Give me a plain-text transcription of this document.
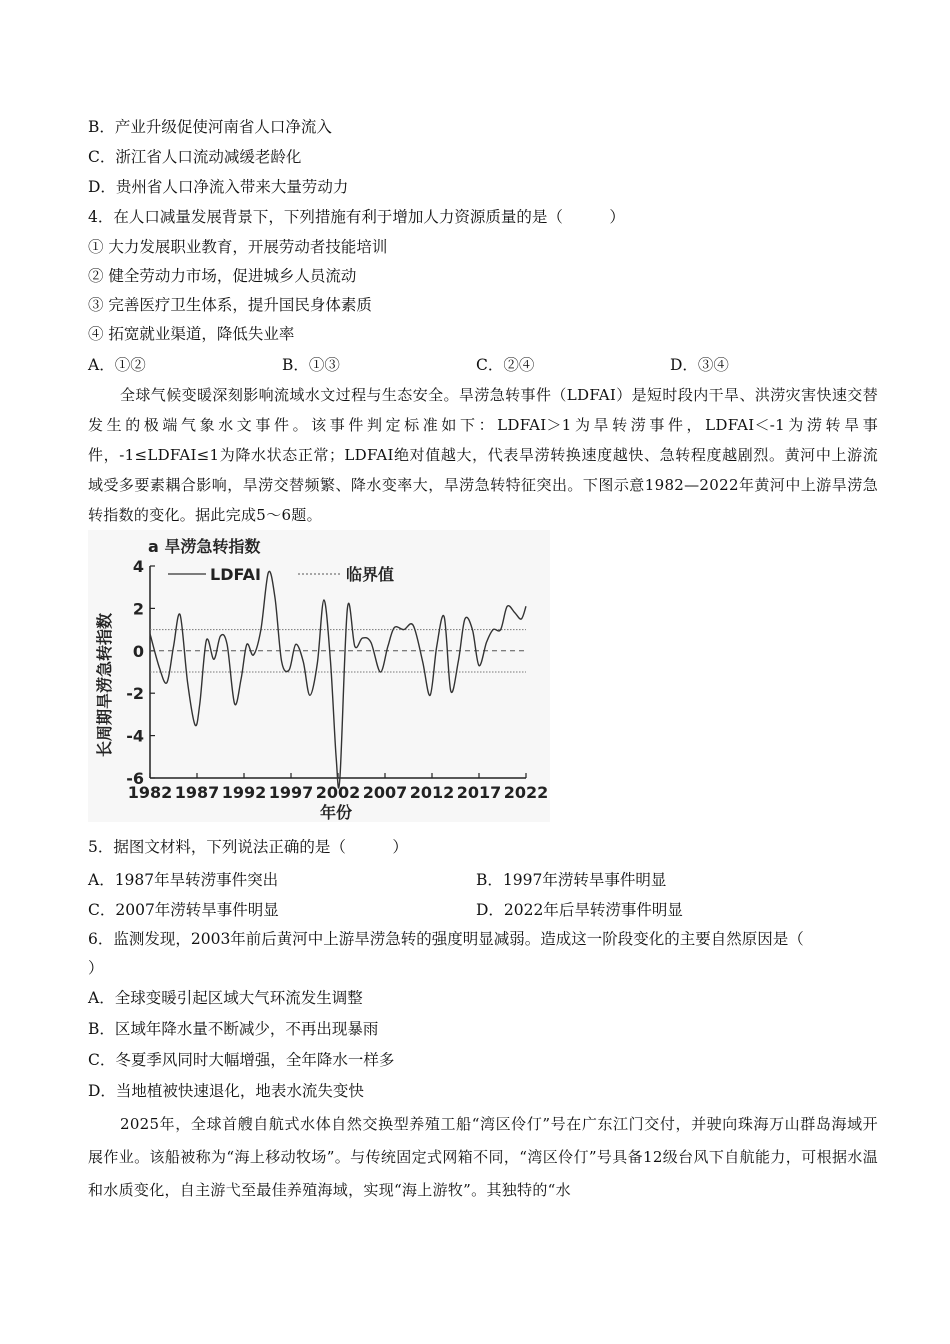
B．产业升级促使河南省人口净流入
C．浙江省人口流动减缓老龄化
D．贵州省人口净流入带来大量劳动力
4．在人口减量发展背景下，下列措施有利于增加人力资源质量的是（　　　）
① 大力发展职业教育，开展劳动者技能培训
② 健全劳动力市场，促进城乡人员流动
③ 完善医疗卫生体系，提升国民身体素质
④ 拓宽就业渠道，降低失业率
A．①②	B．①③	C．②④	D．③④

全球气候变暖深刻影响流域水文过程与生态安全。旱涝急转事件（LDFAI）是短时段内干旱、洪涝灾害快速交替发生的极端气象水文事件。该事件判定标准如下：LDFAI＞1为旱转涝事件，LDFAI＜-1为涝转旱事件，-1≤LDFAI≤1为降水状态正常；LDFAI绝对值越大，代表旱涝转换速度越快、急转程度越剧烈。黄河中上游流域受多要素耦合影响，旱涝交替频繁、降水变率大，旱涝急转特征突出。下图示意1982—2022年黄河中上游旱涝急转指数的变化。据此完成5～6题。

a 旱涝急转指数
LDFAI	临界值
长周期旱涝急转指数
年份
4
2
0
-2
-4
-6
1982 1987 1992 1997 2002 2007 2012 2017 2022
5．据图文材料，下列说法正确的是（　　　）
A．1987年旱转涝事件突出	B．1997年涝转旱事件明显
C．2007年涝转旱事件明显	D．2022年后旱转涝事件明显
6．监测发现，2003年前后黄河中上游旱涝急转的强度明显减弱。造成这一阶段变化的主要自然原因是（
）
A．全球变暖引起区域大气环流发生调整
B．区域年降水量不断减少，不再出现暴雨
C．冬夏季风同时大幅增强，全年降水一样多
D．当地植被快速退化，地表水流失变快

2025年，全球首艘自航式水体自然交换型养殖工船“湾区伶仃”号在广东江门交付，并驶向珠海万山群岛海域开展作业。该船被称为“海上移动牧场”。与传统固定式网箱不同，“湾区伶仃”号具备12级台风下自航能力，可根据水温和水质变化，自主游弋至最佳养殖海域，实现“海上游牧”。其独特的“水
